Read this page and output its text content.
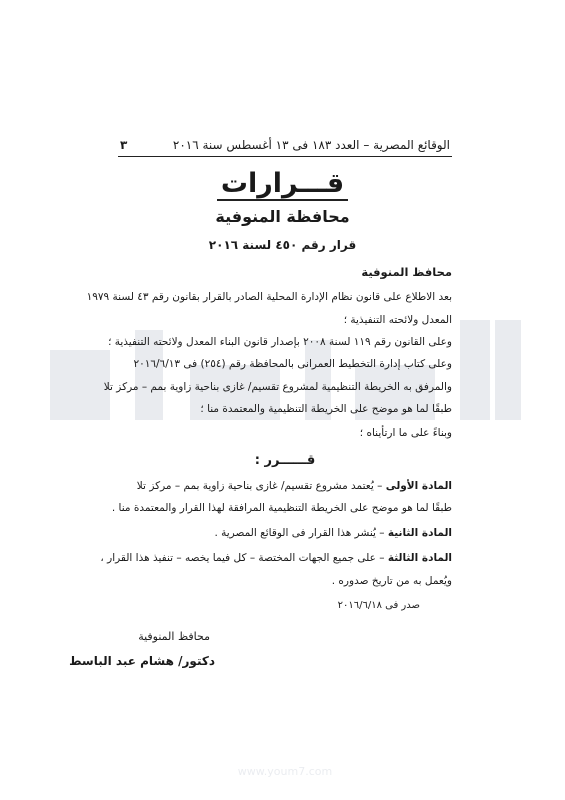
الوقائع المصرية – العدد ١٨٣ فى ١٣ أغسطس سنة ٢٠١٦
٣
قـــرارات
محافظة المنوفية
قرار رقم ٤٥٠ لسنة ٢٠١٦
محافظ المنوفية
بعد الاطلاع على قانون نظام الإدارة المحلية الصادر بالقرار بقانون رقم ٤٣ لسنة ١٩٧٩
المعدل ولائحته التنفيذية ؛
وعلى القانون رقم ١١٩ لسنة ٢٠٠٨ بإصدار قانون البناء المعدل ولائحته التنفيذية ؛
وعلى كتاب إدارة التخطيط العمرانى بالمحافظة رقم (٢٥٤) فى ٢٠١٦/٦/١٣
والمرفق به الخريطة التنظيمية لمشروع تقسيم/ غازى بناحية زاوية بمم – مركز تلا
طبقًا لما هو موضح على الخريطة التنظيمية والمعتمدة منا ؛
وبناءً على ما ارتأيناه ؛
قــــــرر :
المادة الأولى – يُعتمد مشروع تقسيم/ غازى بناحية زاوية بمم – مركز تلا
طبقًا لما هو موضح على الخريطة التنظيمية المرافقة لهذا القرار والمعتمدة منا .
المادة الثانية – يُنشر هذا القرار فى الوقائع المصرية .
المادة الثالثة – على جميع الجهات المختصة – كل فيما يخصه – تنفيذ هذا القرار ،
ويُعمل به من تاريخ صدوره .
صدر فى ٢٠١٦/٦/١٨
محافظ المنوفية
دكتور/ هشام عبد الباسط
www.youm7.com
